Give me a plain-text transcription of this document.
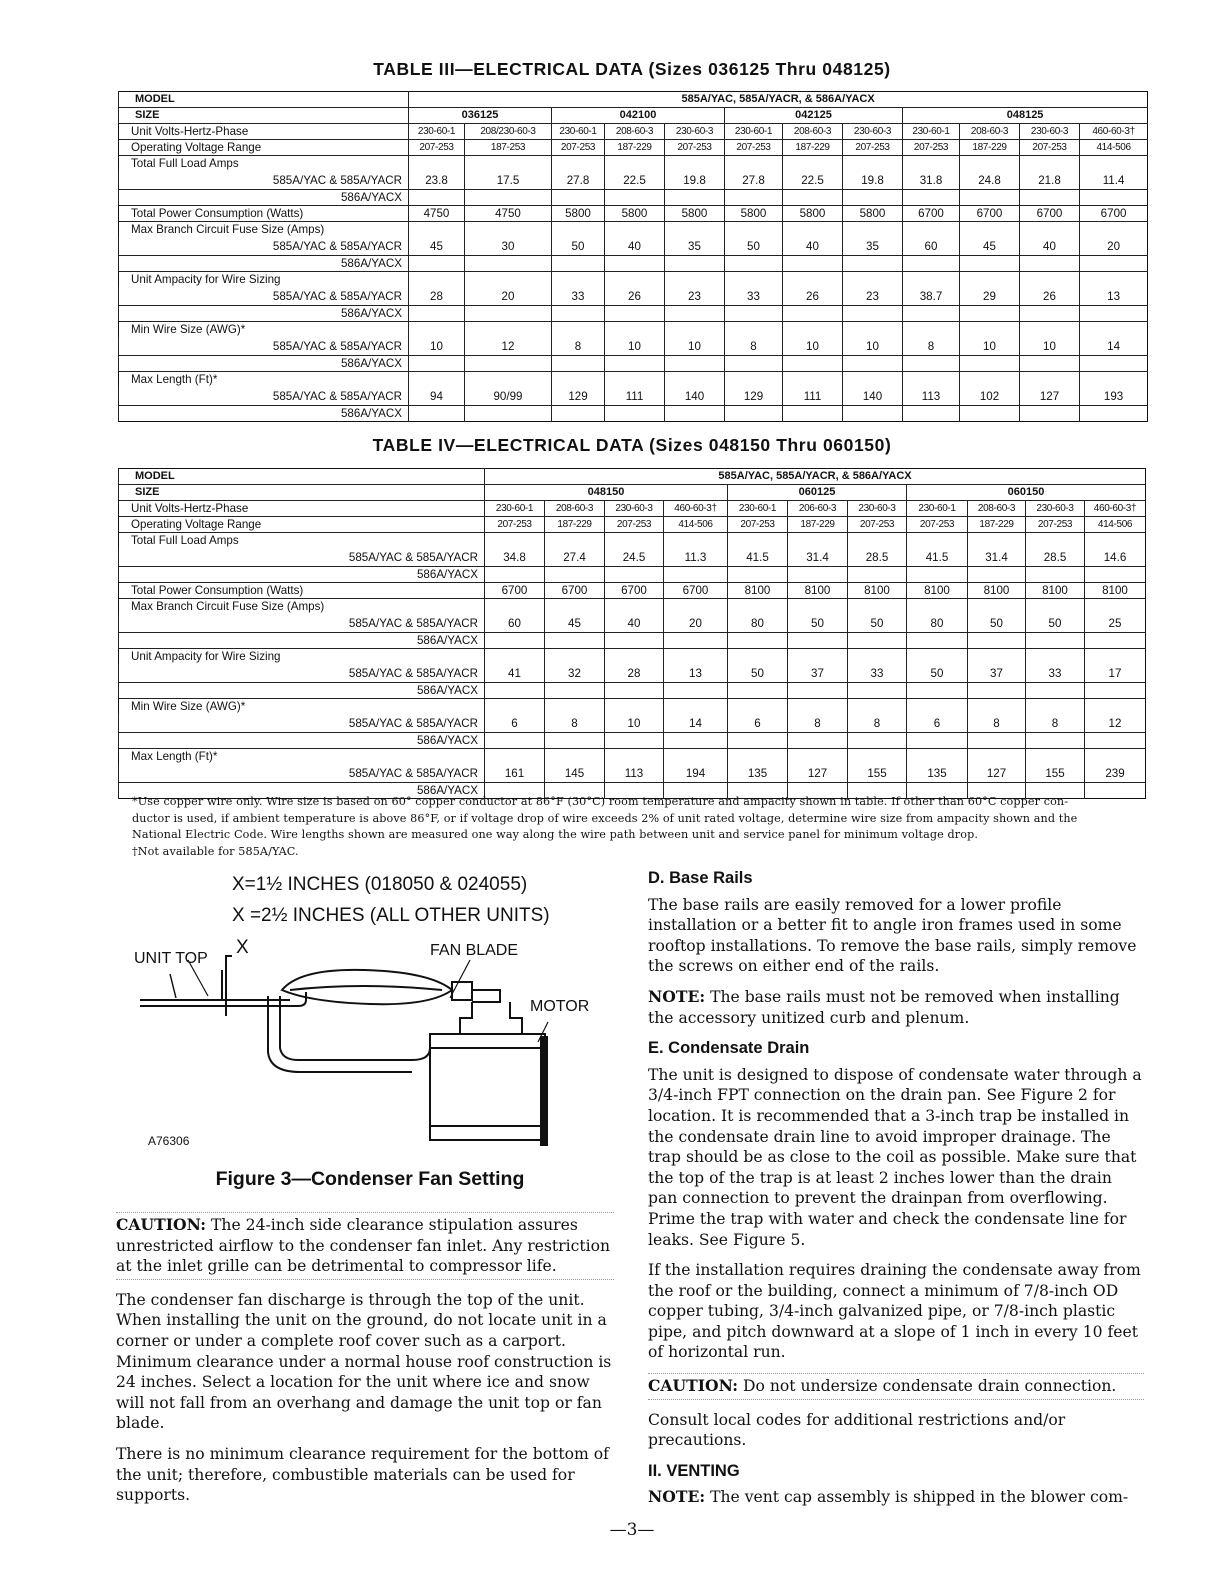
TABLE III—ELECTRICAL DATA (Sizes 036125 Thru 048125)
MODEL	585A/YAC, 585A/YACR, & 586A/YACX											
SIZE	036125		042100			042125			048125			
Unit Volts-Hertz-Phase	230-60-1	208/230-60-3	230-60-1	208-60-3	230-60-3	230-60-1	208-60-3	230-60-3	230-60-1	208-60-3	230-60-3	460-60-3†
Operating Voltage Range	207-253	187-253	207-253	187-229	207-253	207-253	187-229	207-253	207-253	187-229	207-253	414-506
Total Full Load Amps												
585A/YAC & 585A/YACR	23.8	17.5	27.8	22.5	19.8	27.8	22.5	19.8	31.8	24.8	21.8	11.4
586A/YACX												
Total Power Consumption (Watts)	4750	4750	5800	5800	5800	5800	5800	5800	6700	6700	6700	6700
Max Branch Circuit Fuse Size (Amps)												
585A/YAC & 585A/YACR	45	30	50	40	35	50	40	35	60	45	40	20
586A/YACX												
Unit Ampacity for Wire Sizing												
585A/YAC & 585A/YACR	28	20	33	26	23	33	26	23	38.7	29	26	13
586A/YACX												
Min Wire Size (AWG)*												
585A/YAC & 585A/YACR	10	12	8	10	10	8	10	10	8	10	10	14
586A/YACX												
Max Length (Ft)*												
585A/YAC & 585A/YACR	94	90/99	129	111	140	129	111	140	113	102	127	193
586A/YACX												
TABLE IV—ELECTRICAL DATA (Sizes 048150 Thru 060150)
MODEL	585A/YAC, 585A/YACR, & 586A/YACX										
SIZE	048150				060125			060150			
Unit Volts-Hertz-Phase	230-60-1	208-60-3	230-60-3	460-60-3†	230-60-1	206-60-3	230-60-3	230-60-1	208-60-3	230-60-3	460-60-3†
Operating Voltage Range	207-253	187-229	207-253	414-506	207-253	187-229	207-253	207-253	187-229	207-253	414-506
Total Full Load Amps											
585A/YAC & 585A/YACR	34.8	27.4	24.5	11.3	41.5	31.4	28.5	41.5	31.4	28.5	14.6
586A/YACX											
Total Power Consumption (Watts)	6700	6700	6700	6700	8100	8100	8100	8100	8100	8100	8100
Max Branch Circuit Fuse Size (Amps)											
585A/YAC & 585A/YACR	60	45	40	20	80	50	50	80	50	50	25
586A/YACX											
Unit Ampacity for Wire Sizing											
585A/YAC & 585A/YACR	41	32	28	13	50	37	33	50	37	33	17
586A/YACX											
Min Wire Size (AWG)*											
585A/YAC & 585A/YACR	6	8	10	14	6	8	8	6	8	8	12
586A/YACX											
Max Length (Ft)*											
585A/YAC & 585A/YACR	161	145	113	194	135	127	155	135	127	155	239
586A/YACX											

*Use copper wire only. Wire size is based on 60° copper conductor at 86°F (30°C) room temperature and ampacity shown in table. If other than 60°C copper con-

ductor is used, if ambient temperature is above 86°F, or if voltage drop of wire exceeds 2% of unit rated voltage, determine wire size from ampacity shown and the

National Electric Code. Wire lengths shown are measured one way along the wire path between unit and service panel for minimum voltage drop.

†Not available for 585A/YAC.

X=1½ INCHES (018050 & 024055)
X =2½ INCHES (ALL OTHER UNITS)
UNIT TOP
X	FAN BLADE
MOTOR
A76306
Figure 3—Condenser Fan Setting

CAUTION: The 24-inch side clearance stipulation assures unrestricted airflow to the condenser fan inlet. Any restriction at the inlet grille can be detrimental to compressor life.

The condenser fan discharge is through the top of the unit. When installing the unit on the ground, do not locate unit in a corner or under a complete roof cover such as a carport. Minimum clearance under a normal house roof construction is 24 inches. Select a location for the unit where ice and snow will not fall from an overhang and damage the unit top or fan blade.

There is no minimum clearance requirement for the bottom of the unit; therefore, combustible materials can be used for supports.

D. Base Rails

The base rails are easily removed for a lower profile installation or a better fit to angle iron frames used in some rooftop installations. To remove the base rails, simply remove the screws on either end of the rails.

NOTE: The base rails must not be removed when installing the accessory unitized curb and plenum.

E. Condensate Drain

The unit is designed to dispose of condensate water through a 3/4-inch FPT connection on the drain pan. See Figure 2 for location. It is recommended that a 3-inch trap be installed in the condensate drain line to avoid improper drainage. The trap should be as close to the coil as possible. Make sure that the top of the trap is at least 2 inches lower than the drain pan connection to prevent the drainpan from overflowing. Prime the trap with water and check the condensate line for leaks. See Figure 5.

If the installation requires draining the condensate away from the roof or the building, connect a minimum of 7/8-inch OD copper tubing, 3/4-inch galvanized pipe, or 7/8-inch plastic pipe, and pitch downward at a slope of 1 inch in every 10 feet of horizontal run.

CAUTION: Do not undersize condensate drain connection.

Consult local codes for additional restrictions and/or precautions.

II. VENTING

NOTE: The vent cap assembly is shipped in the blower com-

—3—
